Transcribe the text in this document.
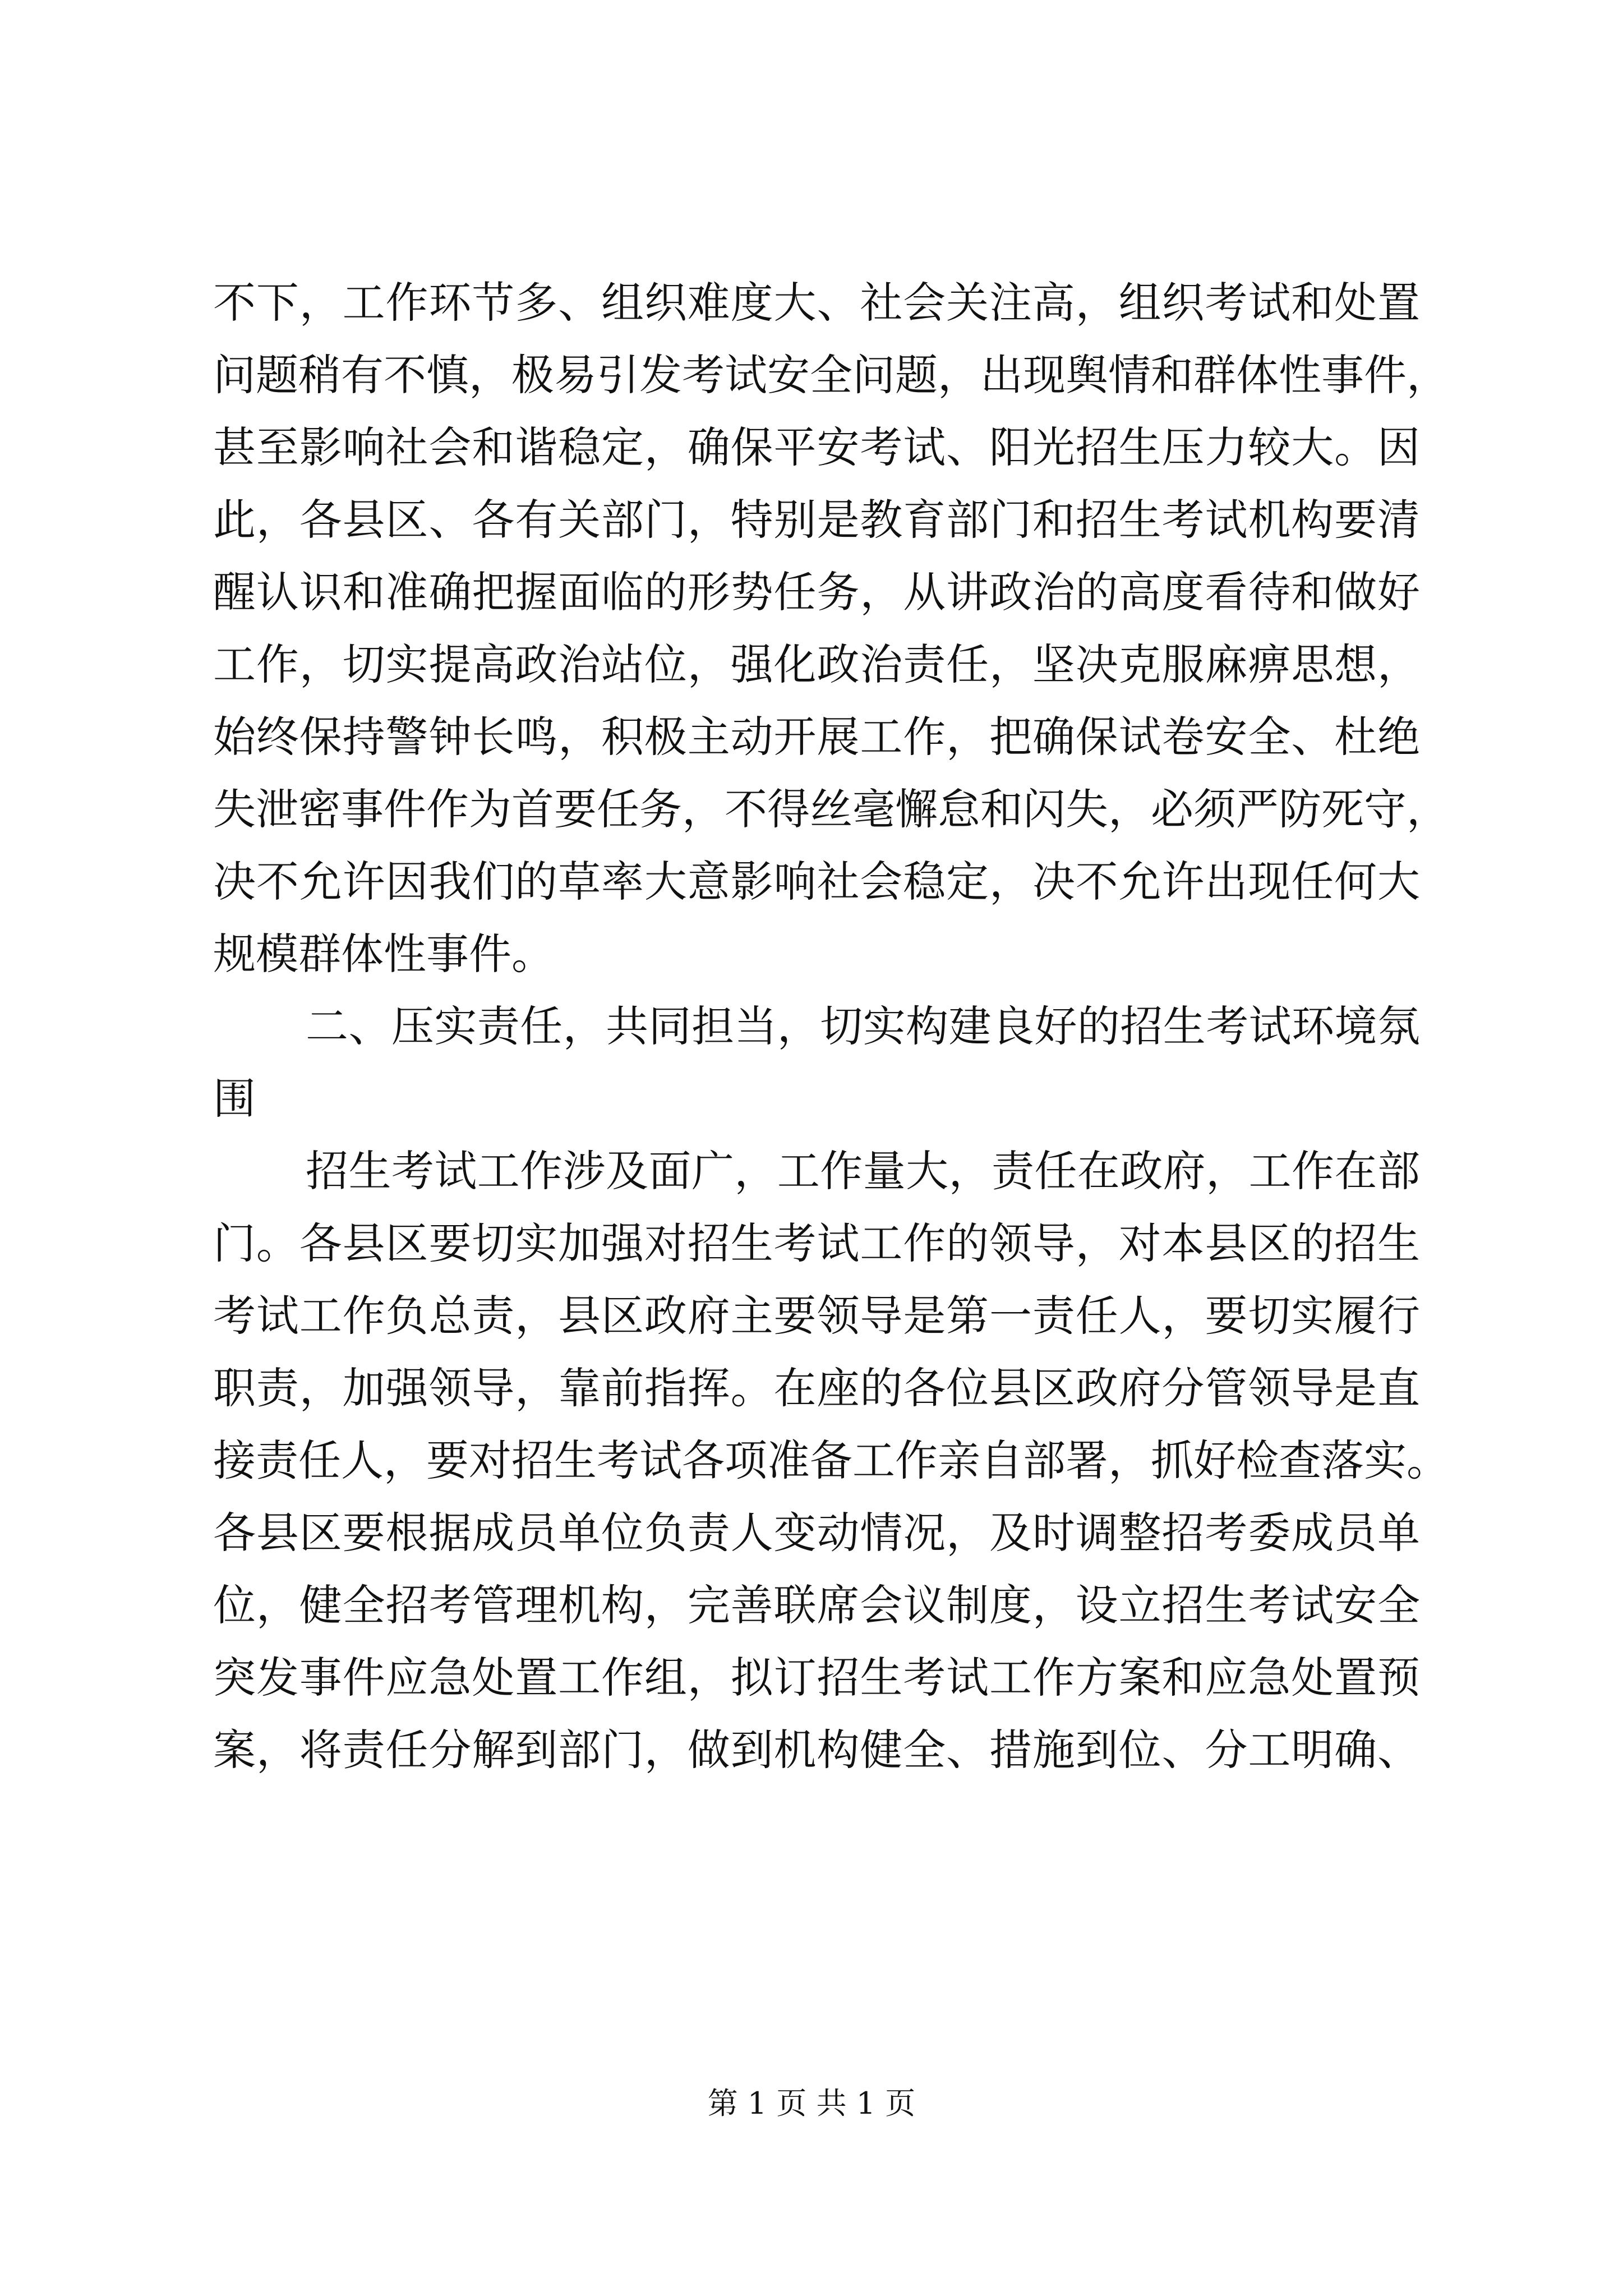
不下，工作环节多、组织难度大、社会关注高，组织考试和处置
问题稍有不慎，极易引发考试安全问题，出现舆情和群体性事件，
甚至影响社会和谐稳定，确保平安考试、阳光招生压力较大。因
此，各县区、各有关部门，特别是教育部门和招生考试机构要清
醒认识和准确把握面临的形势任务，从讲政治的高度看待和做好
工作，切实提高政治站位，强化政治责任，坚决克服麻痹思想，
始终保持警钟长鸣，积极主动开展工作，把确保试卷安全、杜绝
失泄密事件作为首要任务，不得丝毫懈怠和闪失，必须严防死守，
决不允许因我们的草率大意影响社会稳定，决不允许出现任何大
规模群体性事件。
二、压实责任，共同担当，切实构建良好的招生考试环境氛
围
招生考试工作涉及面广，工作量大，责任在政府，工作在部
门。各县区要切实加强对招生考试工作的领导，对本县区的招生
考试工作负总责，县区政府主要领导是第一责任人，要切实履行
职责，加强领导，靠前指挥。在座的各位县区政府分管领导是直
接责任人，要对招生考试各项准备工作亲自部署，抓好检查落实。
各县区要根据成员单位负责人变动情况，及时调整招考委成员单
位，健全招考管理机构，完善联席会议制度，设立招生考试安全
突发事件应急处置工作组，拟订招生考试工作方案和应急处置预
案，将责任分解到部门，做到机构健全、措施到位、分工明确、
第 1 页 共 1 页
